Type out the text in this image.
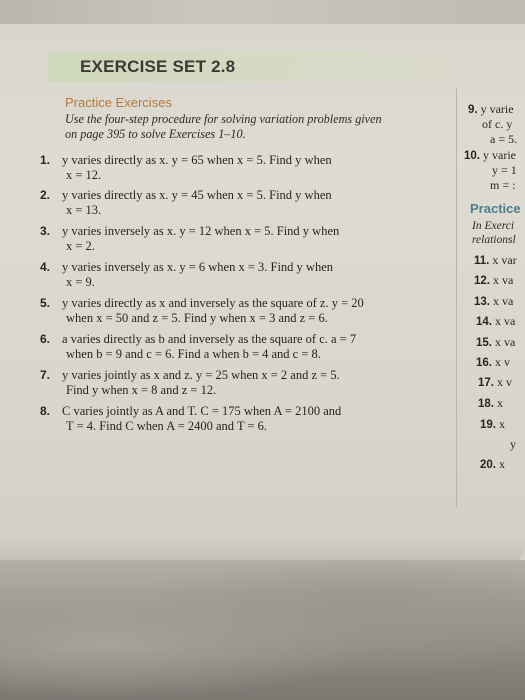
EXERCISE SET 2.8
Practice Exercises

Use the four-step procedure for solving variation problems given
on page 395 to solve Exercises 1–10.

1. y varies directly as x. y = 65 when x = 5. Find y when
x = 12.
2. y varies directly as x. y = 45 when x = 5. Find y when
x = 13.
3. y varies inversely as x. y = 12 when x = 5. Find y when
x = 2.
4. y varies inversely as x. y = 6 when x = 3. Find y when
x = 9.
5. y varies directly as x and inversely as the square of z. y = 20
when x = 50 and z = 5. Find y when x = 3 and z = 6.
6. a varies directly as b and inversely as the square of c. a = 7
when b = 9 and c = 6. Find a when b = 4 and c = 8.
7. y varies jointly as x and z. y = 25 when x = 2 and z = 5.
Find y when x = 8 and z = 12.
8. C varies jointly as A and T. C = 175 when A = 2100 and
T = 4. Find C when A = 2400 and T = 6.
9. y varie
of c. y
a = 5.
10. y varie
y = 1
m = :
Practice
In Exerci
relationsl
11. x var
12. x va
13. x va
14. x va
15. x va
16. x v
17. x v
18. x
19. x
y
20. x
